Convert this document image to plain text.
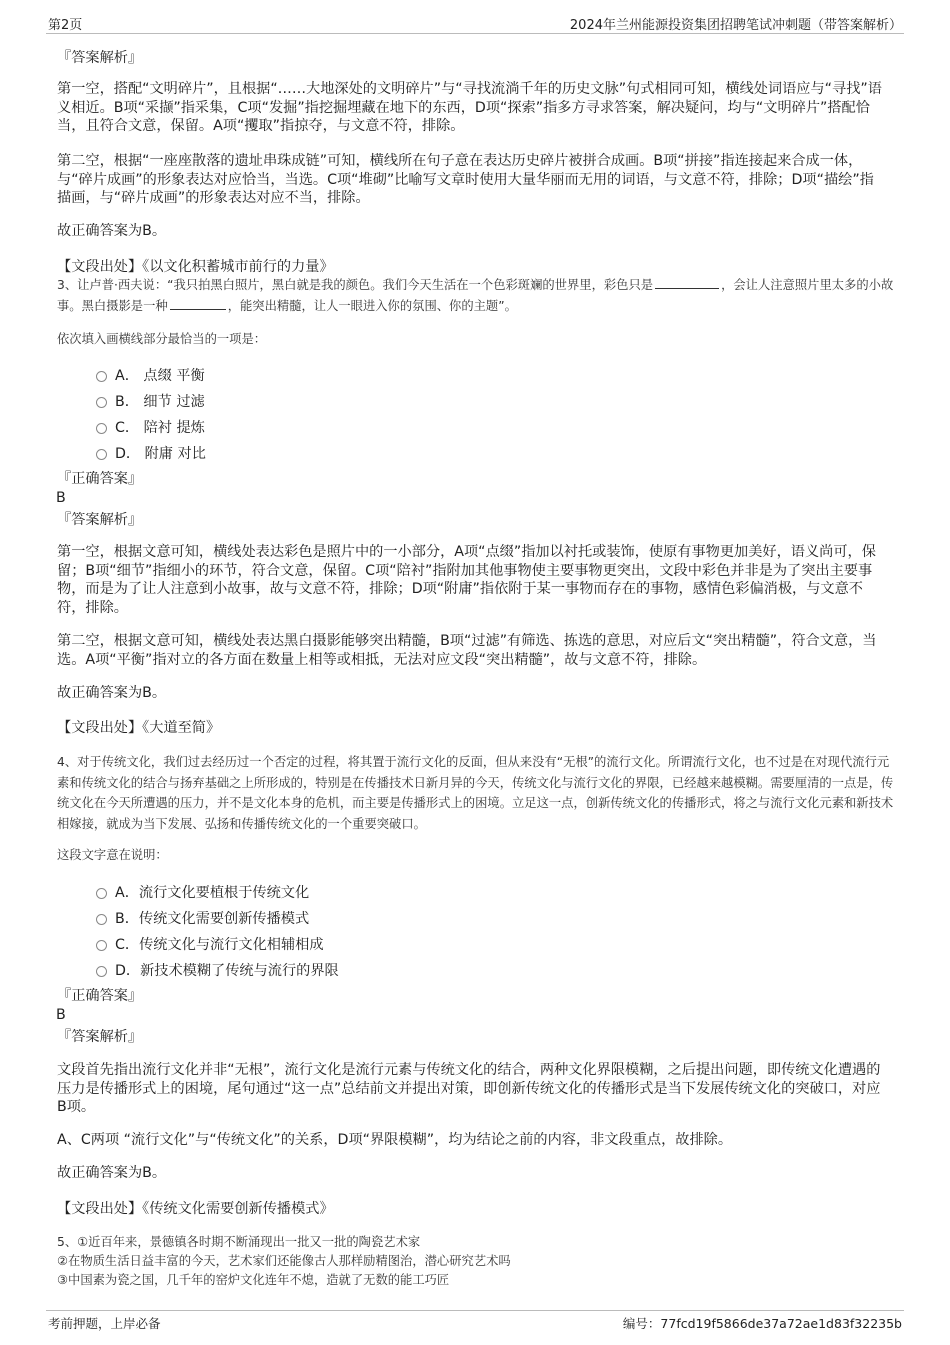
第2页	2024年兰州能源投资集团招聘笔试冲刺题（带答案解析）
『答案解析』
第一空，搭配“文明碎片”，且根据“……大地深处的文明碎片”与“寻找流淌千年的历史文脉”句式相同可知，横线处词语应与“寻找”语义相近。B项“采撷”指采集，C项“发掘”指挖掘埋藏在地下的东西，D项“探索”指多方寻求答案，解决疑问，均与“文明碎片”搭配恰当，且符合文意，保留。A项“攫取”指掠夺，与文意不符，排除。
第二空，根据“一座座散落的遗址串珠成链”可知，横线所在句子意在表达历史碎片被拼合成画。B项“拼接”指连接起来合成一体，与“碎片成画”的形象表达对应恰当，当选。C项“堆砌”比喻写文章时使用大量华丽而无用的词语，与文意不符，排除；D项“描绘”指描画，与“碎片成画”的形象表达对应不当，排除。
故正确答案为B。
【文段出处】《以文化积蓄城市前行的力量》
3、让卢普·西夫说：“我只拍黑白照片，黑白就是我的颜色。我们今天生活在一个色彩斑斓的世界里，彩色只是	，会让人注意照片里太多的小故事。黑白摄影是一种	，能突出精髓，让人一眼进入你的氛围、你的主题”。
依次填入画横线部分最恰当的一项是：
A． 点缀 平衡
B． 细节 过滤
C． 陪衬 提炼
D． 附庸 对比
『正确答案』
B
『答案解析』
第一空，根据文意可知，横线处表达彩色是照片中的一小部分，A项“点缀”指加以衬托或装饰，使原有事物更加美好，语义尚可，保留；B项“细节”指细小的环节，符合文意，保留。C项“陪衬”指附加其他事物使主要事物更突出，文段中彩色并非是为了突出主要事物，而是为了让人注意到小故事，故与文意不符，排除；D项“附庸”指依附于某一事物而存在的事物，感情色彩偏消极，与文意不符，排除。
第二空，根据文意可知，横线处表达黑白摄影能够突出精髓，B项“过滤”有筛选、拣选的意思，对应后文“突出精髓”，符合文意，当选。A项“平衡”指对立的各方面在数量上相等或相抵，无法对应文段“突出精髓”，故与文意不符，排除。
故正确答案为B。
【文段出处】《大道至简》
4、对于传统文化，我们过去经历过一个否定的过程，将其置于流行文化的反面，但从来没有“无根”的流行文化。所谓流行文化，也不过是在对现代流行元素和传统文化的结合与扬弃基础之上所形成的，特别是在传播技术日新月异的今天，传统文化与流行文化的界限，已经越来越模糊。需要厘清的一点是，传统文化在今天所遭遇的压力，并不是文化本身的危机，而主要是传播形式上的困境。立足这一点，创新传统文化的传播形式，将之与流行文化元素和新技术相嫁接，就成为当下发展、弘扬和传播传统文化的一个重要突破口。
这段文字意在说明：
A．流行文化要植根于传统文化
B．传统文化需要创新传播模式
C．传统文化与流行文化相辅相成
D．新技术模糊了传统与流行的界限
『正确答案』
B
『答案解析』
文段首先指出流行文化并非“无根”，流行文化是流行元素与传统文化的结合，两种文化界限模糊，之后提出问题，即传统文化遭遇的压力是传播形式上的困境，尾句通过“这一点”总结前文并提出对策，即创新传统文化的传播形式是当下发展传统文化的突破口，对应B项。
A、C两项 “流行文化”与“传统文化”的关系，D项“界限模糊”，均为结论之前的内容，非文段重点，故排除。
故正确答案为B。
【文段出处】《传统文化需要创新传播模式》
5、①近百年来，景德镇各时期不断涌现出一批又一批的陶瓷艺术家
②在物质生活日益丰富的今天，艺术家们还能像古人那样励精图治，潜心研究艺术吗
③中国素为瓷之国，几千年的窑炉文化连年不熄，造就了无数的能工巧匠
考前押题，上岸必备	编号：77fcd19f5866de37a72ae1d83f32235b
